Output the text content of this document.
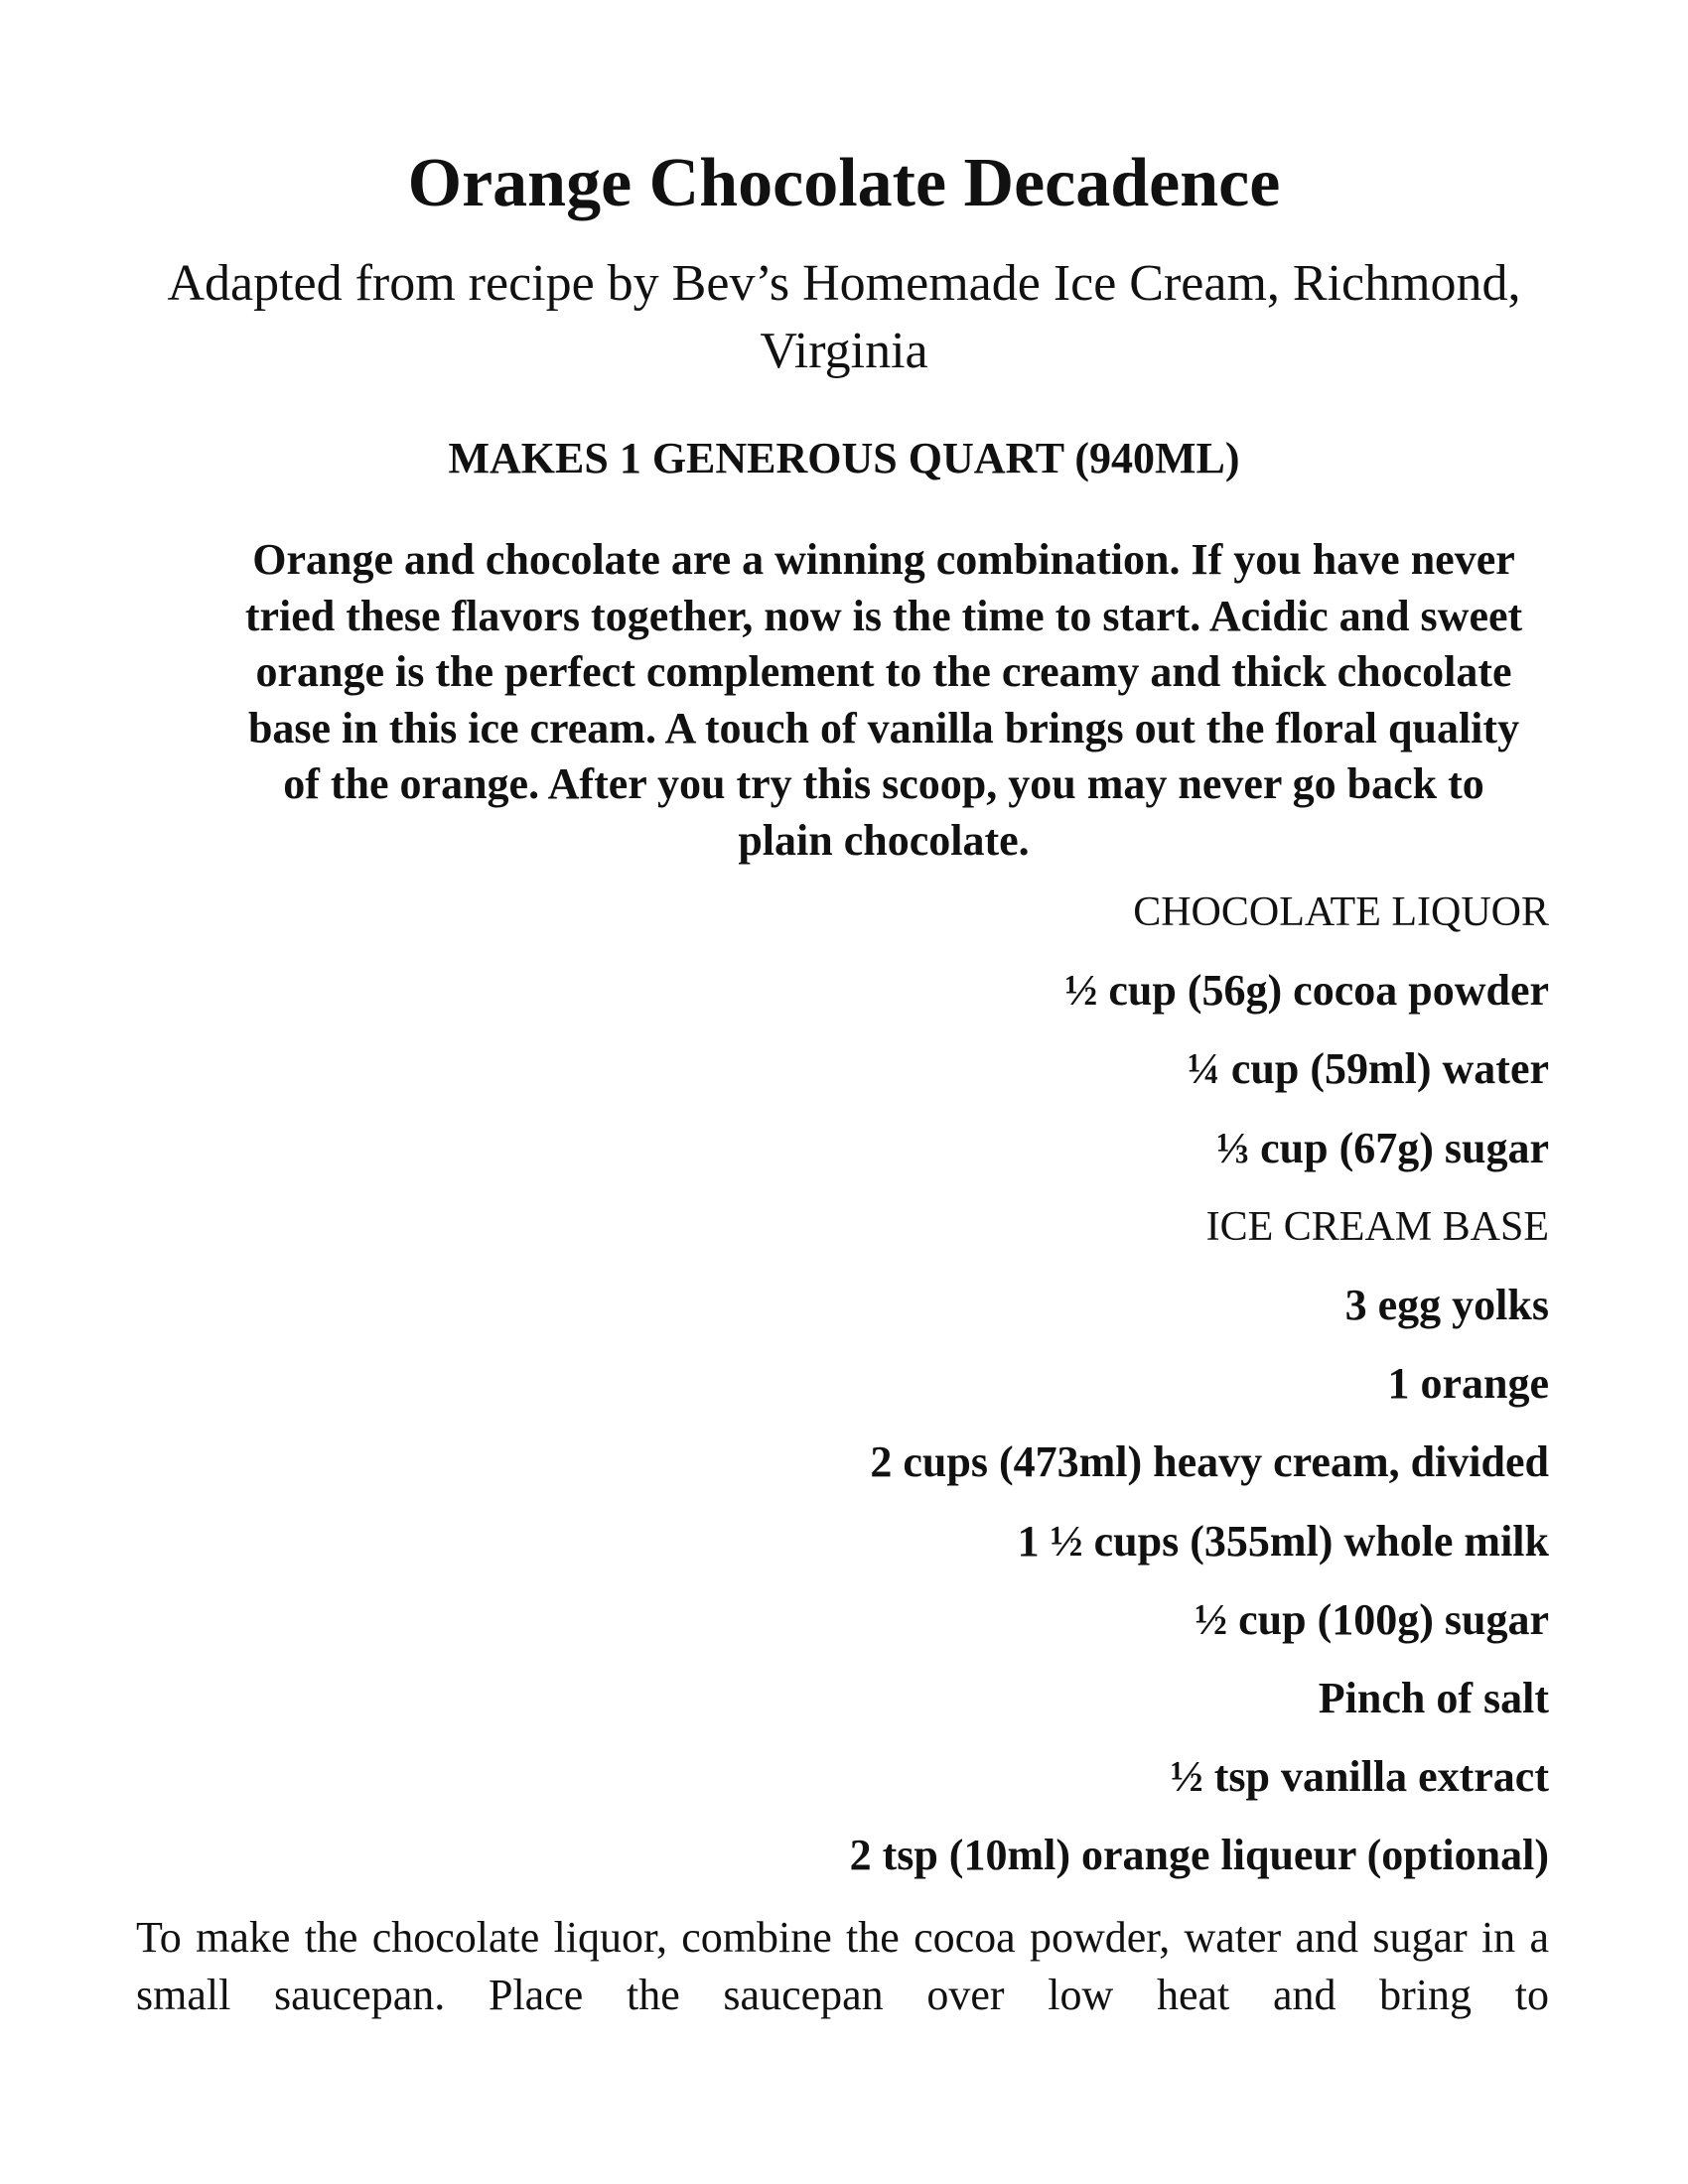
Orange Chocolate Decadence

Adapted from recipe by Bev’s Homemade Ice Cream, Richmond, Virginia

MAKES 1 GENEROUS QUART (940ML)

Orange and chocolate are a winning combination. If you have never tried these flavors together, now is the time to start. Acidic and sweet orange is the perfect complement to the creamy and thick chocolate base in this ice cream. A touch of vanilla brings out the floral quality of the orange. After you try this scoop, you may never go back to plain chocolate.

CHOCOLATE LIQUOR
½ cup (56g) cocoa powder
¼ cup (59ml) water
⅓ cup (67g) sugar
ICE CREAM BASE
3 egg yolks
1 orange
2 cups (473ml) heavy cream, divided
1 ½ cups (355ml) whole milk
½ cup (100g) sugar
Pinch of salt
½ tsp vanilla extract
2 tsp (10ml) orange liqueur (optional)

To make the chocolate liquor, combine the cocoa powder, water and sugar in a small saucepan. Place the saucepan over low heat and bring to
